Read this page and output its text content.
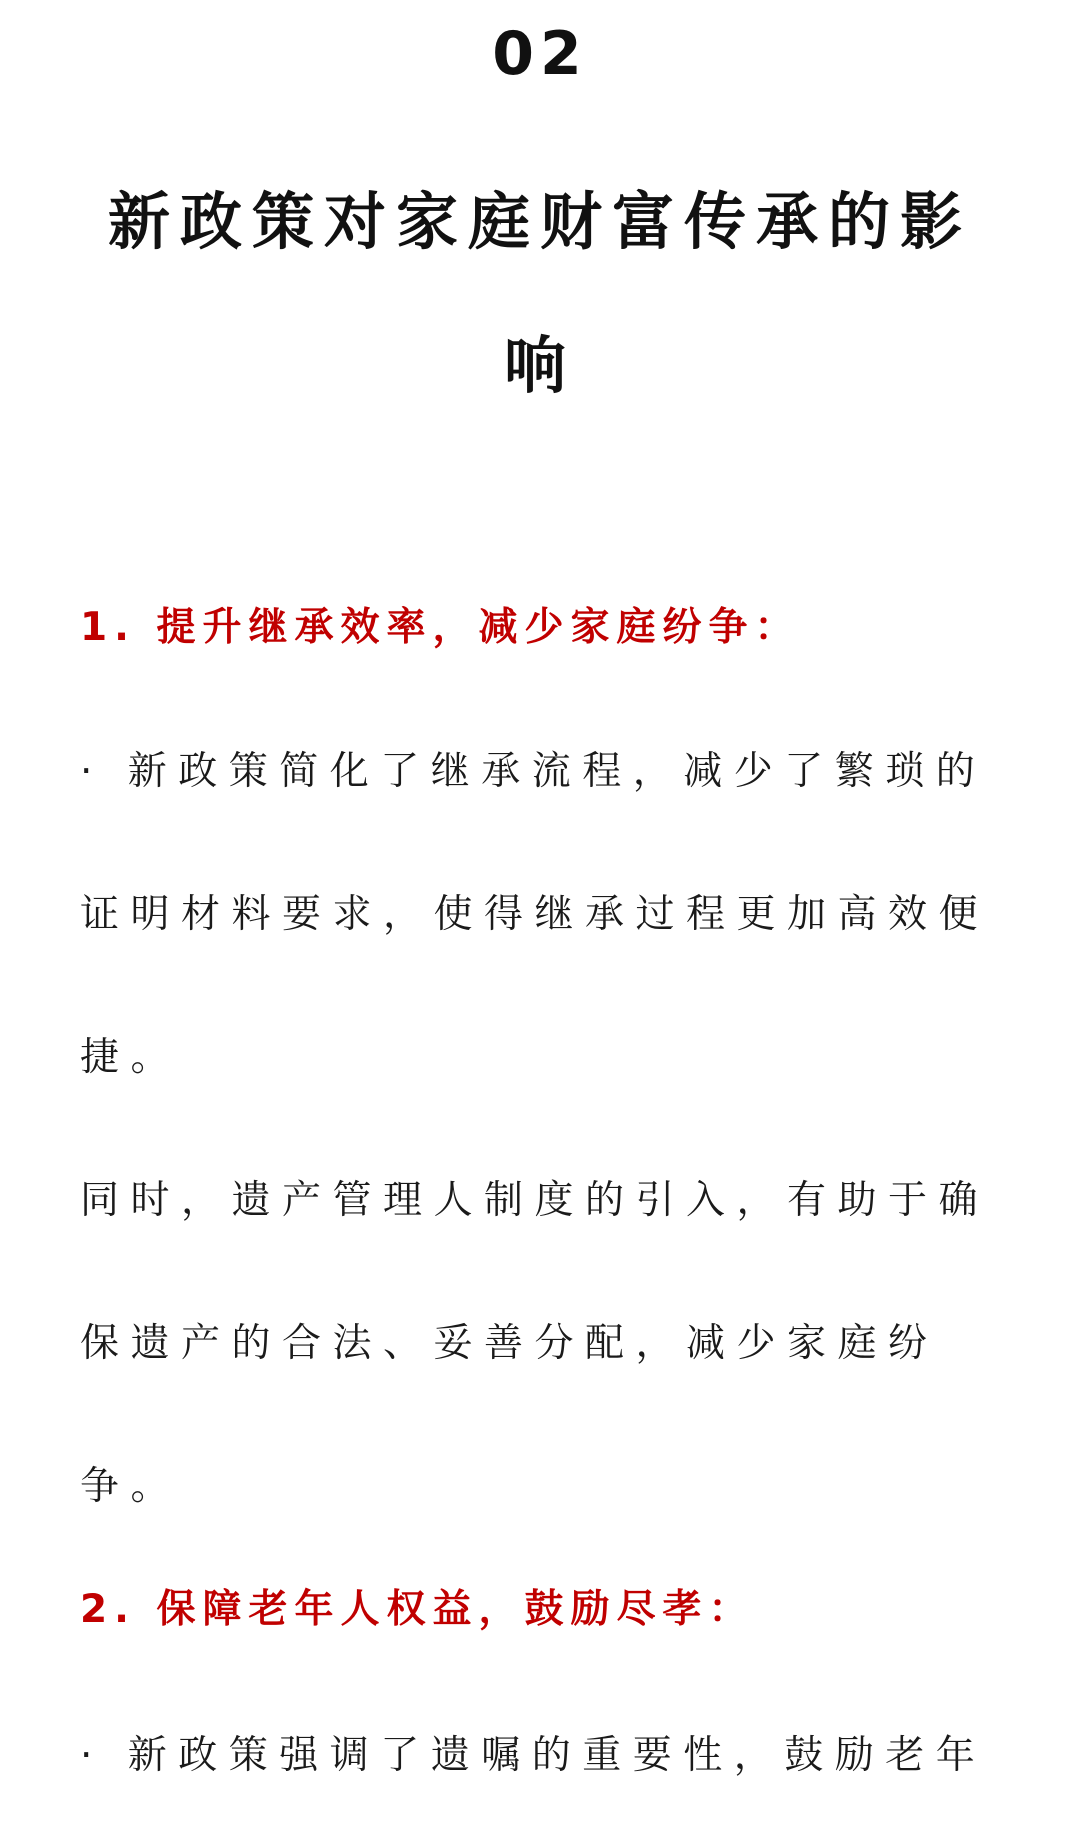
02
新政策对家庭财富传承的影响

1. 提升继承效率，减少家庭纷争：

· 新政策简化了继承流程，减少了繁琐的证明材料要求，使得继承过程更加高效便捷。

同时，遗产管理人制度的引入，有助于确保遗产的合法、妥善分配，减少家庭纷争。

2. 保障老年人权益，鼓励尽孝：

· 新政策强调了遗嘱的重要性，鼓励老年
